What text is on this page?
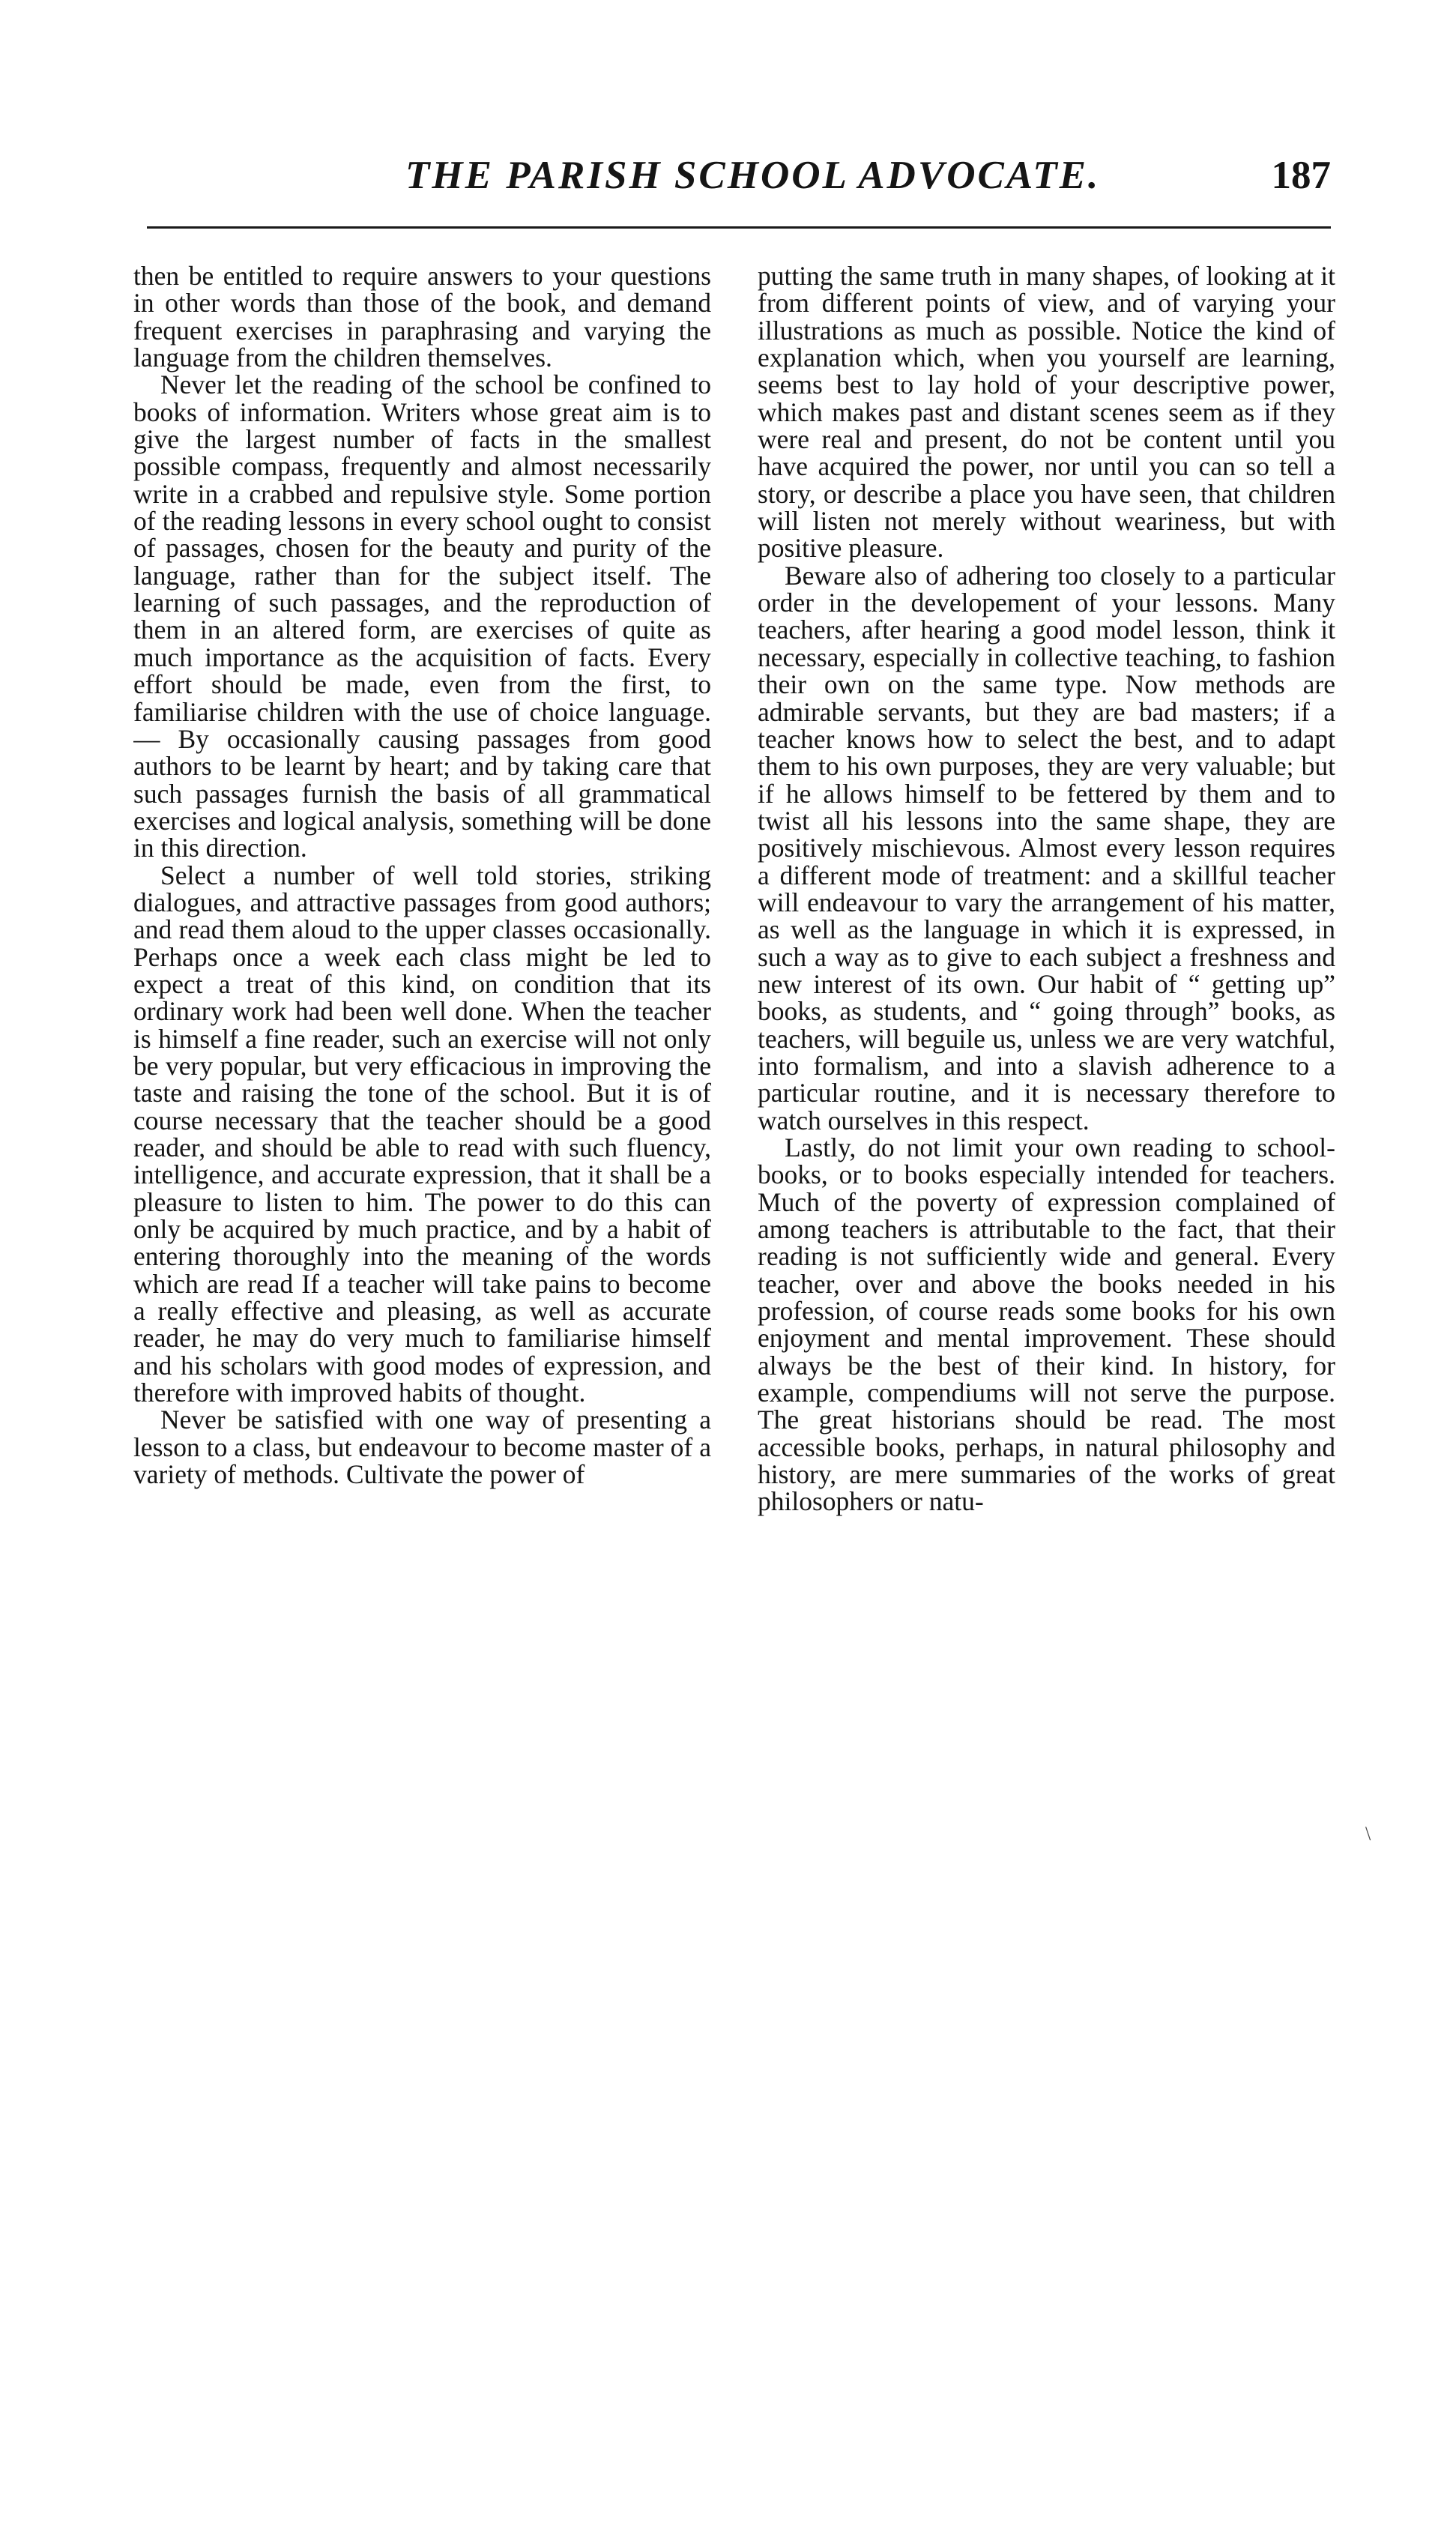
THE PARISH SCHOOL ADVOCATE.	187

then be entitled to require answers to your questions in other words than those of the book, and demand frequent exercises in paraphrasing and varying the language from the children themselves.

Never let the reading of the school be confined to books of information. Writers whose great aim is to give the largest number of facts in the smallest possible compass, frequently and almost necessarily write in a crabbed and repulsive style. Some portion of the reading lessons in every school ought to consist of passages, chosen for the beauty and purity of the language, rather than for the subject itself. The learning of such passages, and the reproduction of them in an altered form, are exercises of quite as much importance as the acquisition of facts. Every effort should be made, even from the first, to familiarise children with the use of choice language.— By occasionally causing passages from good authors to be learnt by heart; and by taking care that such passages furnish the basis of all grammatical exercises and logical analysis, something will be done in this direction.

Select a number of well told stories, striking dialogues, and attractive passages from good authors; and read them aloud to the upper classes occasionally. Perhaps once a week each class might be led to expect a treat of this kind, on condition that its ordinary work had been well done. When the teacher is himself a fine reader, such an exercise will not only be very popular, but very efficacious in improving the taste and raising the tone of the school. But it is of course necessary that the teacher should be a good reader, and should be able to read with such fluency, intelligence, and accurate expression, that it shall be a pleasure to listen to him. The power to do this can only be acquired by much practice, and by a habit of entering thoroughly into the meaning of the words which are read If a teacher will take pains to become a really effective and pleasing, as well as accurate reader, he may do very much to familiarise himself and his scholars with good modes of expression, and therefore with improved habits of thought.

Never be satisfied with one way of presenting a lesson to a class, but endeavour to become master of a variety of methods. Cultivate the power of

putting the same truth in many shapes, of looking at it from different points of view, and of varying your illustrations as much as possible. Notice the kind of explanation which, when you yourself are learning, seems best to lay hold of your descriptive power, which makes past and distant scenes seem as if they were real and present, do not be content until you have acquired the power, nor until you can so tell a story, or describe a place you have seen, that children will listen not merely without weariness, but with positive pleasure.

Beware also of adhering too closely to a particular order in the developement of your lessons. Many teachers, after hearing a good model lesson, think it necessary, especially in collective teaching, to fashion their own on the same type. Now methods are admirable servants, but they are bad masters; if a teacher knows how to select the best, and to adapt them to his own purposes, they are very valuable; but if he allows himself to be fettered by them and to twist all his lessons into the same shape, they are positively mischievous. Almost every lesson requires a different mode of treatment: and a skillful teacher will endeavour to vary the arrangement of his matter, as well as the language in which it is expressed, in such a way as to give to each subject a freshness and new interest of its own. Our habit of “ getting up” books, as students, and “ going through” books, as teachers, will beguile us, unless we are very watchful, into formalism, and into a slavish adherence to a particular routine, and it is necessary therefore to watch ourselves in this respect.

Lastly, do not limit your own reading to school-books, or to books especially intended for teachers. Much of the poverty of expression complained of among teachers is attributable to the fact, that their reading is not sufficiently wide and general. Every teacher, over and above the books needed in his profession, of course reads some books for his own enjoyment and mental improvement. These should always be the best of their kind. In history, for example, compendiums will not serve the purpose. The great historians should be read. The most accessible books, perhaps, in natural philosophy and history, are mere summaries of the works of great philosophers or natu-

\
